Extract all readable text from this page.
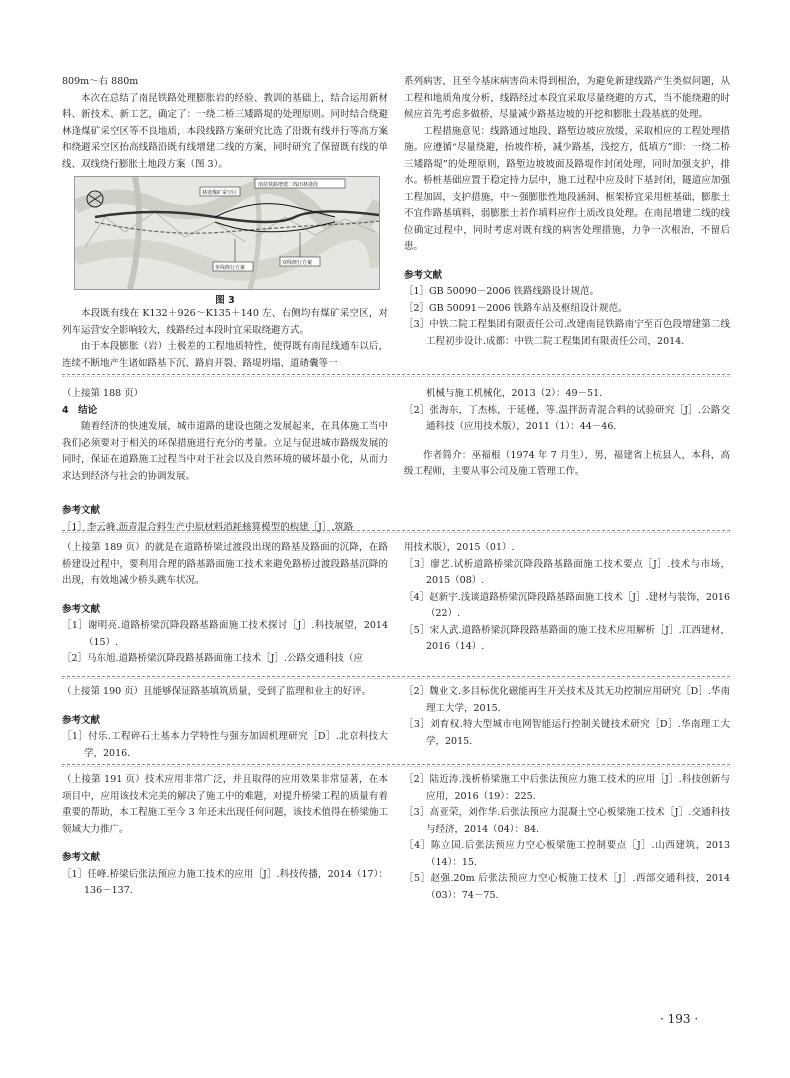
809m～右 880m

本次在总结了南昆铁路处理膨胀岩的经验、教训的基础上，结合运用新材料、新技术、新工艺，确定了：一绕二桥三矮路堤的处理原则。同时结合绕避林逢煤矿采空区等不良地质，本段线路方案研究比选了沿既有线并行等高方案和绕避采空区抬高线路沿既有线增建二线的方案，同时研究了保留既有线的单线、双线绕行膨胀土地段方案（图 3）。

林逢煤矿采空区
南昆铁路增建二线田林逢段
单线绕行方案
双线绕行方案
图 3

本段既有线在 K132＋926～K135＋140 左、右侧均有煤矿采空区，对列车运营安全影响较大，线路经过本段时宜采取绕避方式。

由于本段膨胀（岩）土极差的工程地质特性，使得既有南昆线通车以后，连续不断地产生诸如路基下沉、路肩开裂、路堤坍塌、道碴囊等一

系列病害，且至今基床病害尚未得到根治，为避免新建线路产生类似问题，从工程和地质角度分析，线路经过本段宜采取尽量绕避的方式，当不能绕避的时候应首先考虑多做桥，尽量减少路基边坡的开挖和膨胀土段基底的处理。

工程措施意见：线路通过地段、路堑边坡应放缓，采取相应的工程处理措施。应遵循“尽量绕避，抬坡作桥，减少路基，浅挖方，低填方”即：一绕二桥三矮路堤”的处理原则，路堑边坡坡面及路堤作封闭处理，同时加强支护，排水。桥桩基础应置于稳定持力层中，施工过程中应及时下基封闭，隧道应加强工程加固，支护措施，中～强膨胀性地段涵洞、框架桥宜采用桩基础，膨胀土不宜作路基填料，弱膨胀土若作填料应作土质改良处理。在南昆增建二线的线位确定过程中，同时考虑对既有线的病害处理措施，力争一次根治，不留后患。

参考文献

［1］GB 50090－2006 铁路线路设计规范。

［2］GB 50091－2006 铁路车站及枢纽设计规范。

［3］中铁二院工程集团有限责任公司.改建南昆铁路南宁至百色段增建第二线工程初步设计.成都：中铁二院工程集团有限责任公司，2014.

（上接第 188 页）

4　 结论

随着经济的快速发展，城市道路的建设也随之发展起来，在具体施工当中我们必须要对于相关的环保措施进行充分的考量。立足与促进城市路级发展的同时，保证在道路施工过程当中对于社会以及自然环境的破坏最小化，从而力求达到经济与社会的协调发展。

参考文献

［1］李云峰.沥青混合料生产中原材料消耗核算模型的构建［J］.筑路

机械与施工机械化，2013（2）：49－51.

［2］张海东，丁杰栋，于延槿，等.温拌沥青混合料的试验研究［J］.公路交通科技（应用技术版），2011（1）：44－46.

作者简介：巫福根（1974 年 7 月生），男，福建省上杭县人，本科，高级工程师，主要从事公司及施工管理工作。

（上接第 189 页）的就是在道路桥梁过渡段出现的路基及路面的沉降，在路桥建设过程中，要利用合理的路基路面施工技术来避免路桥过渡段路基沉降的出现，有效地减少桥头跳车状况。

参考文献

［1］谢明亮.道路桥梁沉降段路基路面施工技术探讨［J］.科技展望，2014（15）.

［2］马东旭.道路桥梁沉降段路基路面施工技术［J］.公路交通科技（应

用技术版），2015（01）.

［3］廖艺.试析道路桥梁沉降段路基路面施工技术要点［J］.技术与市场，2015（08）.

［4］赵新宇.浅谈道路桥梁沉降段路基路面施工技术［J］.建材与装饰，2016（22）.

［5］宋人武.道路桥梁沉降段路基路面的施工技术应用解析［J］.江西建材，2016（14）.

（上接第 190 页）且能够保证路基填筑质量，受到了监理和业主的好评。

参考文献

［1］付乐.工程碎石土基本力学特性与强夯加固机理研究［D］.北京科技大学，2016.

［2］魏业文.多目标优化磁能再生开关技术及其无功控制应用研究［D］.华南理工大学，2015.

［3］刘育权.特大型城市电网智能运行控制关键技术研究［D］.华南理工大学，2015.

（上接第 191 页）技术应用非常广泛，并且取得的应用效果非常显著，在本项目中，应用该技术完美的解决了施工中的难题，对提升桥梁工程的质量有着重要的帮助，本工程施工至今 3 年还未出现任何问题，该技术值得在桥梁施工领域大力推广。

参考文献

［1］任峰.桥梁后张法预应力施工技术的应用［J］.科技传播，2014（17）：136－137.

［2］陆近涛.浅析桥梁施工中后张法预应力施工技术的应用［J］.科技创新与应用，2016（19）：225.

［3］高亚荣，刘作华.后张法预应力混凝土空心板梁施工技术［J］.交通科技与经济，2014（04）：84.

［4］陈立国.后张法预应力空心板梁施工控制要点［J］.山西建筑，2013（14）：15.

［5］赵强.20m 后张法预应力空心板施工技术［J］.西部交通科技，2014（03）：74－75.

· 193 ·
